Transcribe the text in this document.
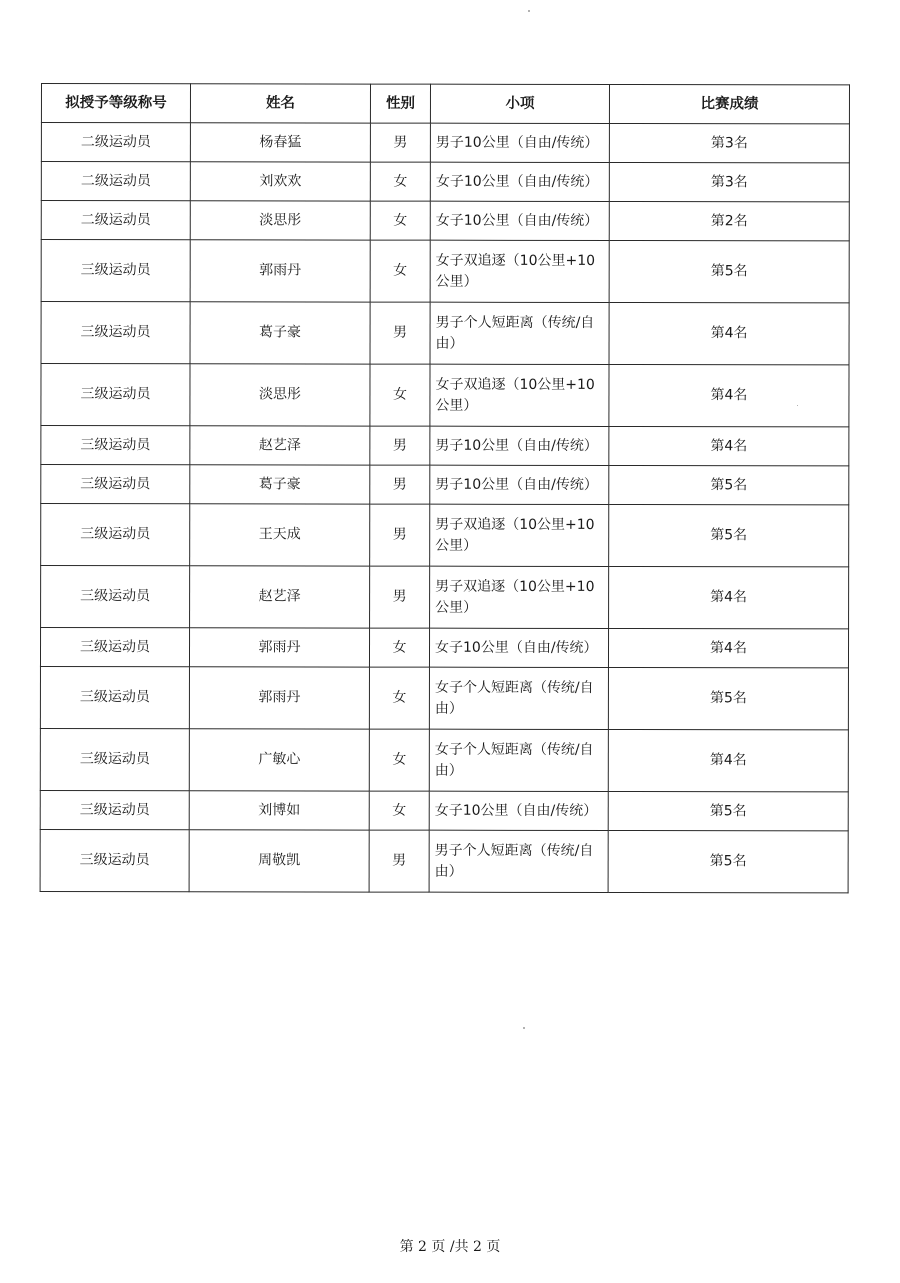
拟授予等级称号	姓名	性别	小项	比赛成绩
二级运动员	杨春猛	男	男子10公里（自由/传统）	第3名
二级运动员	刘欢欢	女	女子10公里（自由/传统）	第3名
二级运动员	淡思彤	女	女子10公里（自由/传统）	第2名
三级运动员	郭雨丹	女	女子双追逐（10公里+10公里）	第5名
三级运动员	葛子豪	男	男子个人短距离（传统/自由）	第4名
三级运动员	淡思彤	女	女子双追逐（10公里+10公里）	第4名
三级运动员	赵艺泽	男	男子10公里（自由/传统）	第4名
三级运动员	葛子豪	男	男子10公里（自由/传统）	第5名
三级运动员	王天成	男	男子双追逐（10公里+10公里）	第5名
三级运动员	赵艺泽	男	男子双追逐（10公里+10公里）	第4名
三级运动员	郭雨丹	女	女子10公里（自由/传统）	第4名
三级运动员	郭雨丹	女	女子个人短距离（传统/自由）	第5名
三级运动员	广敏心	女	女子个人短距离（传统/自由）	第4名
三级运动员	刘博如	女	女子10公里（自由/传统）	第5名
三级运动员	周敬凯	男	男子个人短距离（传统/自由）	第5名
第 2 页 /共 2 页
